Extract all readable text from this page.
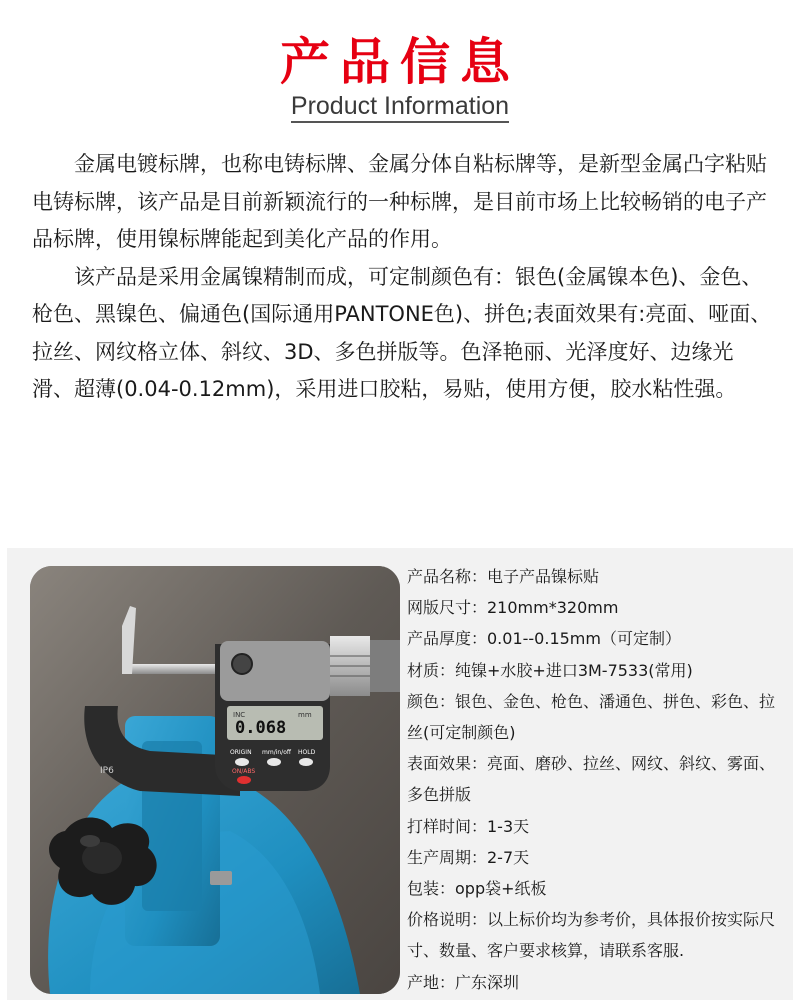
产品信息
Product Information

金属电镀标牌，也称电铸标牌、金属分体自粘标牌等，是新型金属凸字粘贴电铸标牌，该产品是目前新颖流行的一种标牌，是目前市场上比较畅销的电子产品标牌，使用镍标牌能起到美化产品的作用。

该产品是采用金属镍精制而成，可定制颜色有：银色(金属镍本色)、金色、枪色、黑镍色、偏通色(国际通用PANTONE色)、拼色;表面效果有:亮面、哑面、拉丝、网纹格立体、斜纹、3D、多色拼版等。色泽艳丽、光泽度好、边缘光滑、超薄(0.04-0.12mm)，采用进口胶粘，易贴，使用方便，胶水粘性强。

IP6
INC
0.068
mm
ORIGIN mm/in/off HOLD
ON/ABS
产品名称：电子产品镍标贴
网版尺寸：210mm*320mm
产品厚度：0.01--0.15mm（可定制）
材质：纯镍+水胶+进口3M-7533(常用)
颜色：银色、金色、枪色、潘通色、拼色、彩色、拉丝(可定制颜色)
表面效果：亮面、磨砂、拉丝、网纹、斜纹、雾面、多色拼版
打样时间：1-3天
生产周期：2-7天
包装：opp袋+纸板
价格说明：以上标价均为参考价，具体报价按实际尺寸、数量、客户要求核算，请联系客服.
产地：广东深圳
